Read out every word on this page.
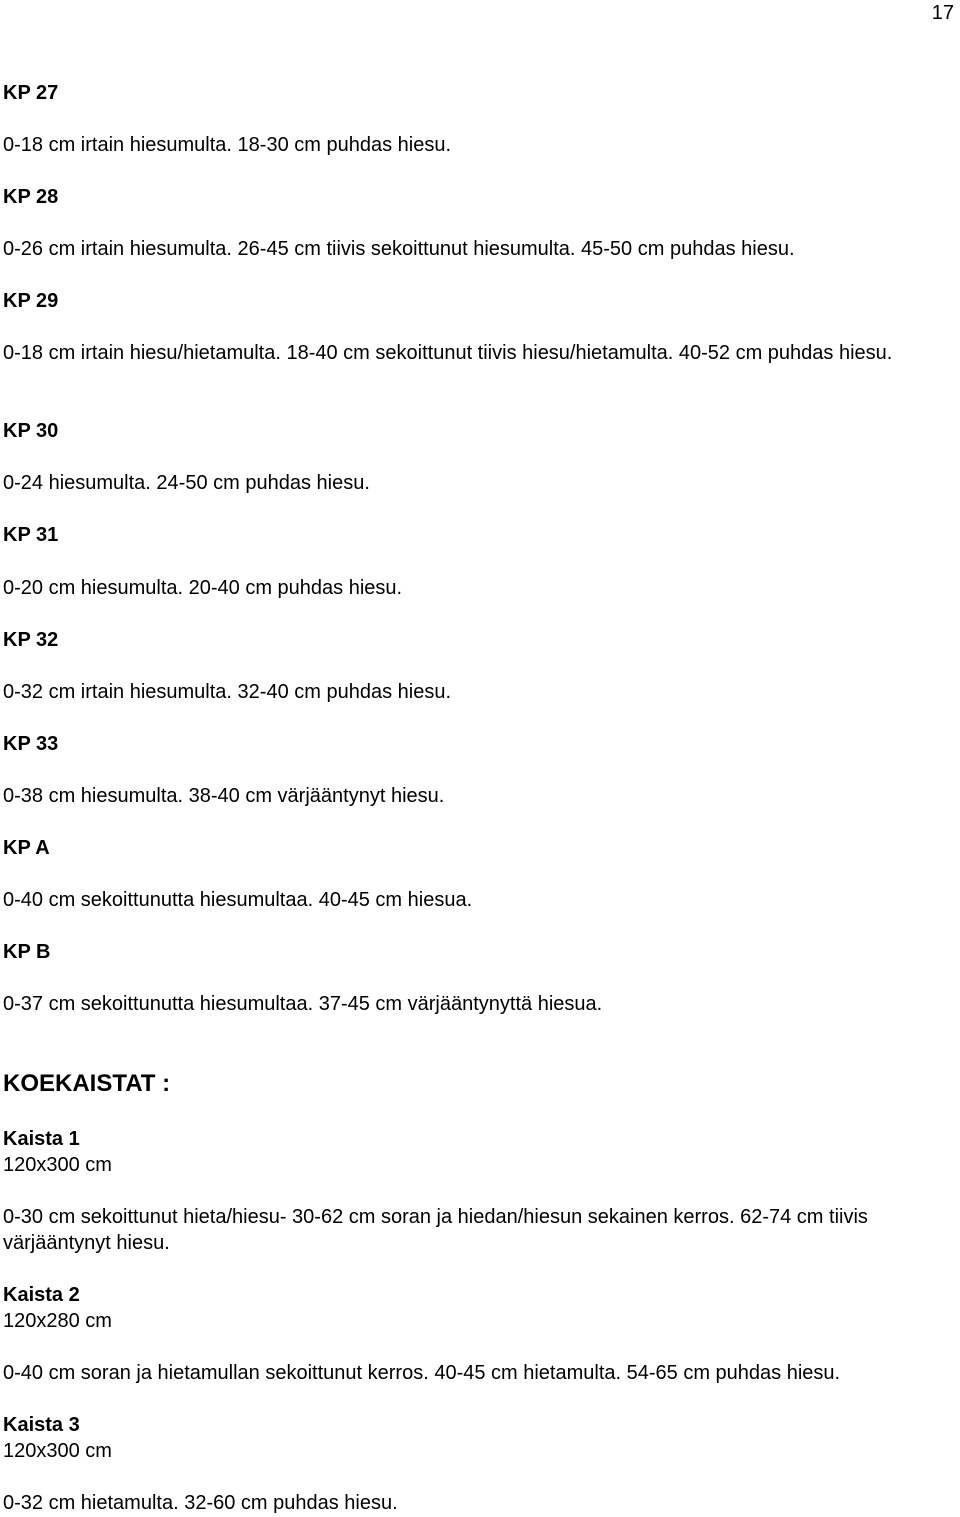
17

KP 27

0-18 cm irtain hiesumulta. 18-30 cm puhdas hiesu.

KP 28

0-26 cm irtain hiesumulta. 26-45 cm tiivis sekoittunut hiesumulta. 45-50 cm puhdas hiesu.

KP 29

0-18 cm irtain hiesu/hietamulta. 18-40 cm sekoittunut tiivis hiesu/hietamulta. 40-52 cm puhdas hiesu.

KP 30

0-24 hiesumulta. 24-50 cm puhdas hiesu.

KP 31

0-20 cm hiesumulta. 20-40 cm puhdas hiesu.

KP 32

0-32 cm irtain hiesumulta. 32-40 cm puhdas hiesu.

KP 33

0-38 cm hiesumulta. 38-40 cm värjääntynyt hiesu.

KP A

0-40 cm sekoittunutta hiesumultaa. 40-45 cm hiesua.

KP B

0-37 cm sekoittunutta hiesumultaa. 37-45 cm värjääntynyttä hiesua.

KOEKAISTAT :

Kaista 1

120x300 cm

0-30 cm sekoittunut hieta/hiesu- 30-62 cm soran ja hiedan/hiesun sekainen kerros. 62-74 cm tiivis värjääntynyt hiesu.

Kaista 2

120x280 cm

0-40 cm soran ja hietamullan sekoittunut kerros. 40-45 cm hietamulta. 54-65 cm puhdas hiesu.

Kaista 3

120x300 cm

0-32 cm hietamulta. 32-60 cm puhdas hiesu.
